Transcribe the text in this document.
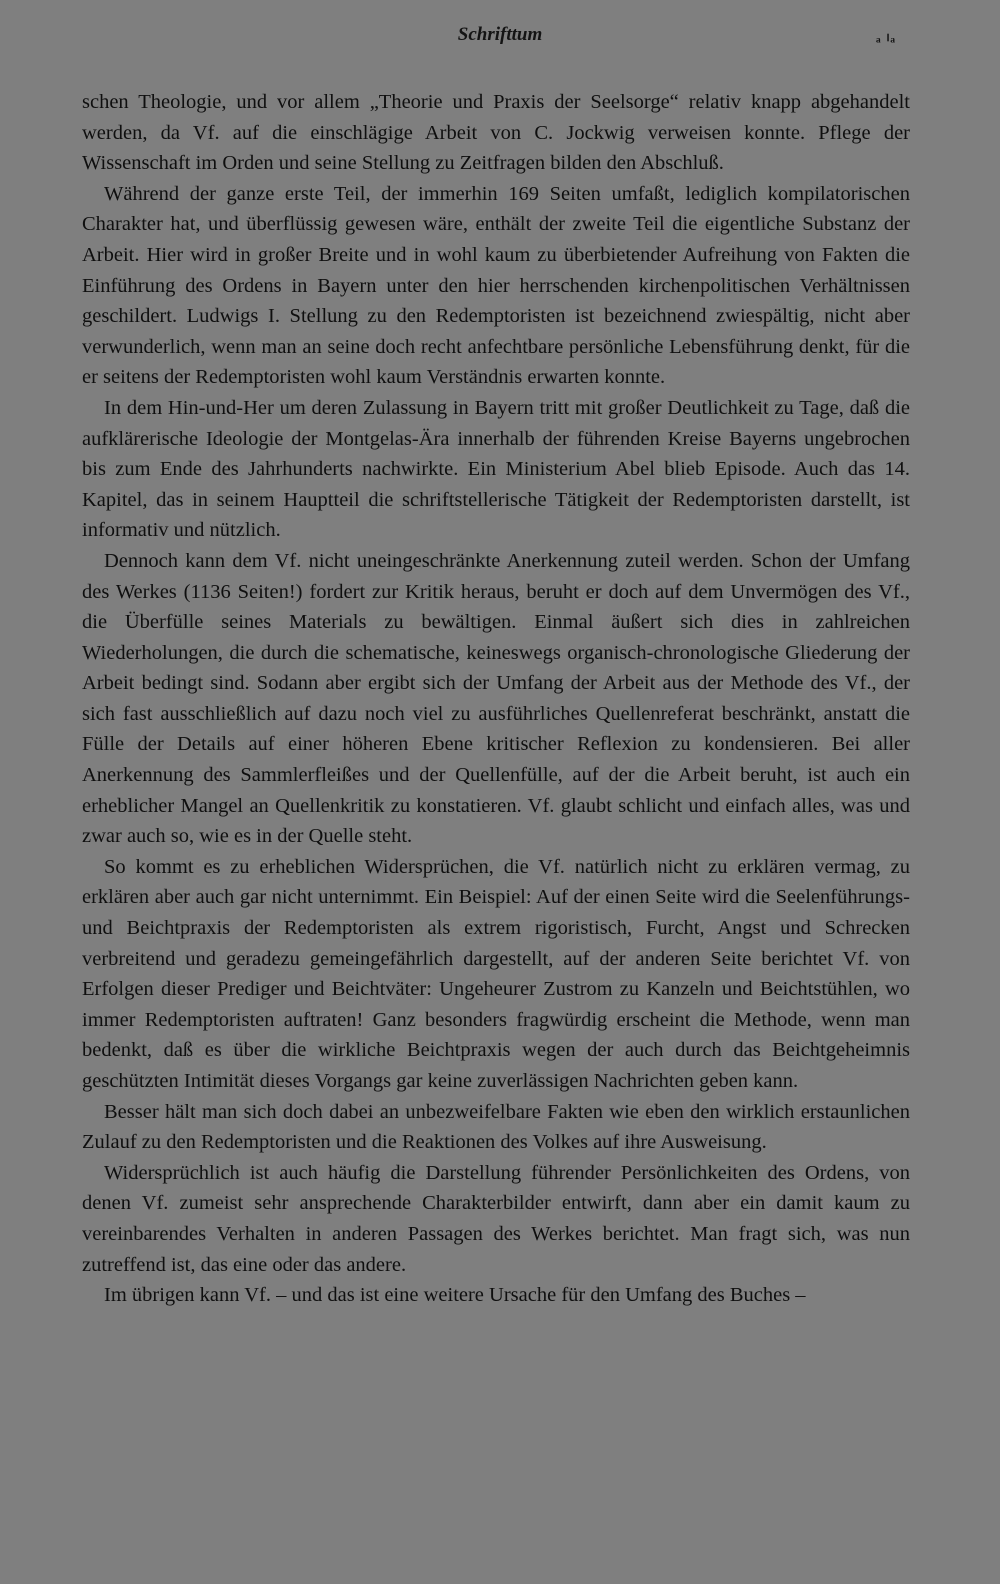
Schrifttum	ₐ ₗₐ

schen Theologie, und vor allem „Theorie und Praxis der Seelsorge“ relativ knapp abgehandelt werden, da Vf. auf die einschlägige Arbeit von C. Jockwig verweisen konnte. Pflege der Wissenschaft im Orden und seine Stellung zu Zeitfragen bilden den Abschluß.

Während der ganze erste Teil, der immerhin 169 Seiten umfaßt, lediglich kompilatorischen Charakter hat, und überflüssig gewesen wäre, enthält der zweite Teil die eigentliche Substanz der Arbeit. Hier wird in großer Breite und in wohl kaum zu überbietender Aufreihung von Fakten die Einführung des Ordens in Bayern unter den hier herrschenden kirchenpolitischen Verhältnissen geschildert. Ludwigs I. Stellung zu den Redemptoristen ist bezeichnend zwiespältig, nicht aber verwunderlich, wenn man an seine doch recht anfechtbare persönliche Lebensführung denkt, für die er seitens der Redemptoristen wohl kaum Verständnis erwarten konnte.

In dem Hin-und-Her um deren Zulassung in Bayern tritt mit großer Deutlichkeit zu Tage, daß die aufklärerische Ideologie der Montgelas-Ära innerhalb der führenden Kreise Bayerns ungebrochen bis zum Ende des Jahrhunderts nachwirkte. Ein Ministerium Abel blieb Episode. Auch das 14. Kapitel, das in seinem Hauptteil die schriftstellerische Tätigkeit der Redemptoristen darstellt, ist informativ und nützlich.

Dennoch kann dem Vf. nicht uneingeschränkte Anerkennung zuteil werden. Schon der Umfang des Werkes (1136 Seiten!) fordert zur Kritik heraus, beruht er doch auf dem Unvermögen des Vf., die Überfülle seines Materials zu bewältigen. Einmal äußert sich dies in zahlreichen Wiederholungen, die durch die schematische, keineswegs organisch-chronologische Gliederung der Arbeit bedingt sind. Sodann aber ergibt sich der Umfang der Arbeit aus der Methode des Vf., der sich fast ausschließlich auf dazu noch viel zu ausführliches Quellenreferat beschränkt, anstatt die Fülle der Details auf einer höheren Ebene kritischer Reflexion zu kondensieren. Bei aller Anerkennung des Sammlerfleißes und der Quellenfülle, auf der die Arbeit beruht, ist auch ein erheblicher Mangel an Quellenkritik zu konstatieren. Vf. glaubt schlicht und einfach alles, was und zwar auch so, wie es in der Quelle steht.

So kommt es zu erheblichen Widersprüchen, die Vf. natürlich nicht zu erklären vermag, zu erklären aber auch gar nicht unternimmt. Ein Beispiel: Auf der einen Seite wird die Seelenführungs- und Beichtpraxis der Redemptoristen als extrem rigoristisch, Furcht, Angst und Schrecken verbreitend und geradezu gemeingefährlich dargestellt, auf der anderen Seite berichtet Vf. von Erfolgen dieser Prediger und Beichtväter: Ungeheurer Zustrom zu Kanzeln und Beichtstühlen, wo immer Redemptoristen auftraten! Ganz besonders fragwürdig erscheint die Methode, wenn man bedenkt, daß es über die wirkliche Beichtpraxis wegen der auch durch das Beichtgeheimnis geschützten Intimität dieses Vorgangs gar keine zuverlässigen Nachrichten geben kann.

Besser hält man sich doch dabei an unbezweifelbare Fakten wie eben den wirklich erstaunlichen Zulauf zu den Redemptoristen und die Reaktionen des Volkes auf ihre Ausweisung.

Widersprüchlich ist auch häufig die Darstellung führender Persönlichkeiten des Ordens, von denen Vf. zumeist sehr ansprechende Charakterbilder entwirft, dann aber ein damit kaum zu vereinbarendes Verhalten in anderen Passagen des Werkes berichtet. Man fragt sich, was nun zutreffend ist, das eine oder das andere.

Im übrigen kann Vf. – und das ist eine weitere Ursache für den Umfang des Buches –
